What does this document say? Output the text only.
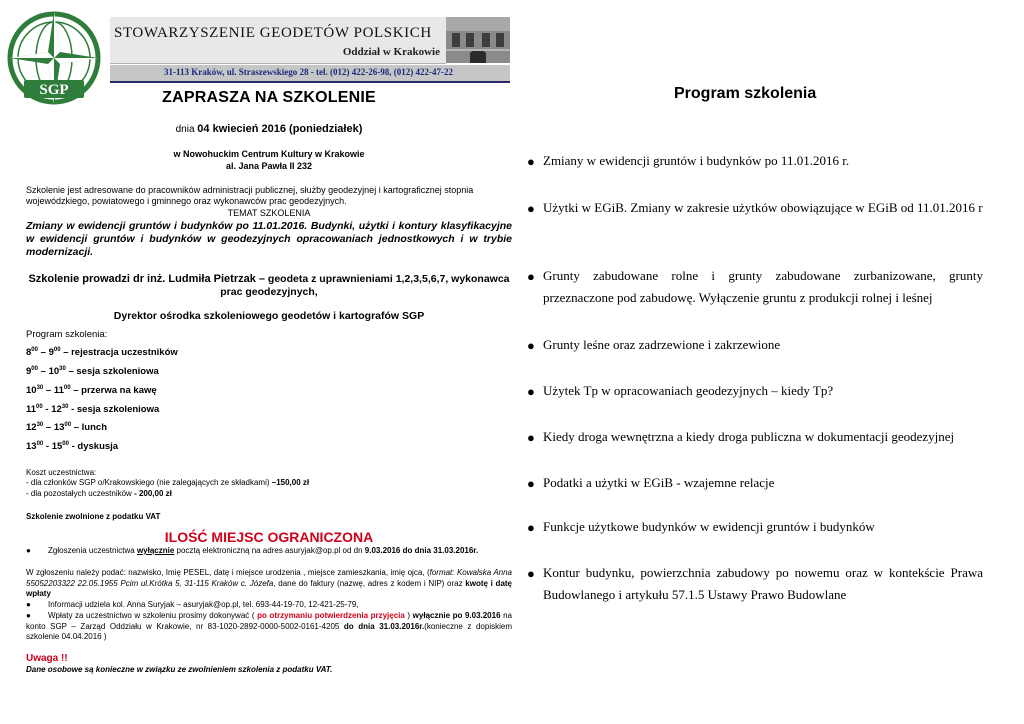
SGP
STOWARZYSZENIE GEODETÓW POLSKICH
Oddział w Krakowie
31-113 Kraków, ul. Straszewskiego 28 - tel. (012) 422-26-98, (012) 422-47-22
ZAPRASZA NA SZKOLENIE
dnia 04 kwiecień 2016 (poniedziałek)
w Nowohuckim Centrum Kultury w Krakowie
al. Jana Pawła II 232
Szkolenie jest adresowane do pracowników administracji publicznej, służby geodezyjnej i kartograficznej stopnia wojewódzkiego, powiatowego i gminnego oraz wykonawców prac geodezyjnych.
TEMAT SZKOLENIA
Zmiany w ewidencji gruntów i budynków po 11.01.2016. Budynki, użytki i kontury klasyfikacyjne w ewidencji gruntów i budynków w geodezyjnych opracowaniach jednostkowych i w trybie modernizacji.
Szkolenie prowadzi dr inż. Ludmiła Pietrzak – geodeta z uprawnieniami 1,2,3,5,6,7, wykonawca prac geodezyjnych,
Dyrektor ośrodka szkoleniowego geodetów i kartografów SGP
Program szkolenia:
$8^{00} - 9^{00}$ – rejestracja uczestników
$9^{00} - 10^{30}$ – sesja szkoleniowa
$10^{30} - 11^{00}$ – przerwa na kawę
$11^{00} - 12^{30}$ - sesja szkoleniowa
$12^{30} - 13^{00}$ – lunch
$13^{00} - 15^{00}$ - dyskusja
Koszt uczestnictwa:
- dla członków SGP o/Krakowskiego (nie zalegających ze składkami) –150,00 zł
- dla pozostałych uczestników - 200,00 zł
Szkolenie zwolnione z podatku VAT
ILOŚĆ MIEJSC OGRANICZONA
● Zgłoszenia uczestnictwa wyłącznie pocztą elektroniczną na adres asuryjak@op.pl od dn 9.03.2016 do dnia 31.03.2016r.
W zgłoszeniu należy podać: nazwisko, Imię PESEL, datę i miejsce urodzenia , miejsce zamieszkania, imię ojca, (format: Kowalska Anna 55052203322 22.05.1955 Pcim ul.Krótka 5, 31-115 Kraków c. Józefa, dane do faktury (nazwę, adres z kodem i NIP) oraz kwotę i datę wpłaty
● Informacji udziela kol. Anna Suryjak – asuryjak@op.pl, tel. 693-44-19-70, 12-421-25-79,
● Wpłaty za uczestnictwo w szkoleniu prosimy dokonywać ( po otrzymaniu potwierdzenia przyjęcia ) wyłącznie po 9.03.2016 na konto SGP – Zarząd Oddziału w Krakowie, nr 83-1020-2892-0000-5002-0161-4205 do dnia 31.03.2016r.(konieczne z dopiskiem szkolenie 04.04.2016 )
Uwaga !!
Dane osobowe są konieczne w związku ze zwolnieniem szkolenia z podatku VAT.
Program szkolenia
● Zmiany w ewidencji gruntów i budynków po 11.01.2016 r.
● Użytki w EGiB. Zmiany w zakresie użytków obowiązujące w EGiB od 11.01.2016 r
● Grunty zabudowane rolne i grunty zabudowane zurbanizowane, grunty przeznaczone pod zabudowę. Wyłączenie gruntu z produkcji rolnej i leśnej
● Grunty leśne oraz zadrzewione i zakrzewione
● Użytek Tp w opracowaniach geodezyjnych – kiedy Tp?
● Kiedy droga wewnętrzna a kiedy droga publiczna w dokumentacji geodezyjnej
● Podatki a użytki w EGiB - wzajemne relacje
● Funkcje użytkowe budynków w ewidencji gruntów i budynków
● Kontur budynku, powierzchnia zabudowy po nowemu oraz w kontekście Prawa Budowlanego i artykułu 57.1.5 Ustawy Prawo Budowlane
